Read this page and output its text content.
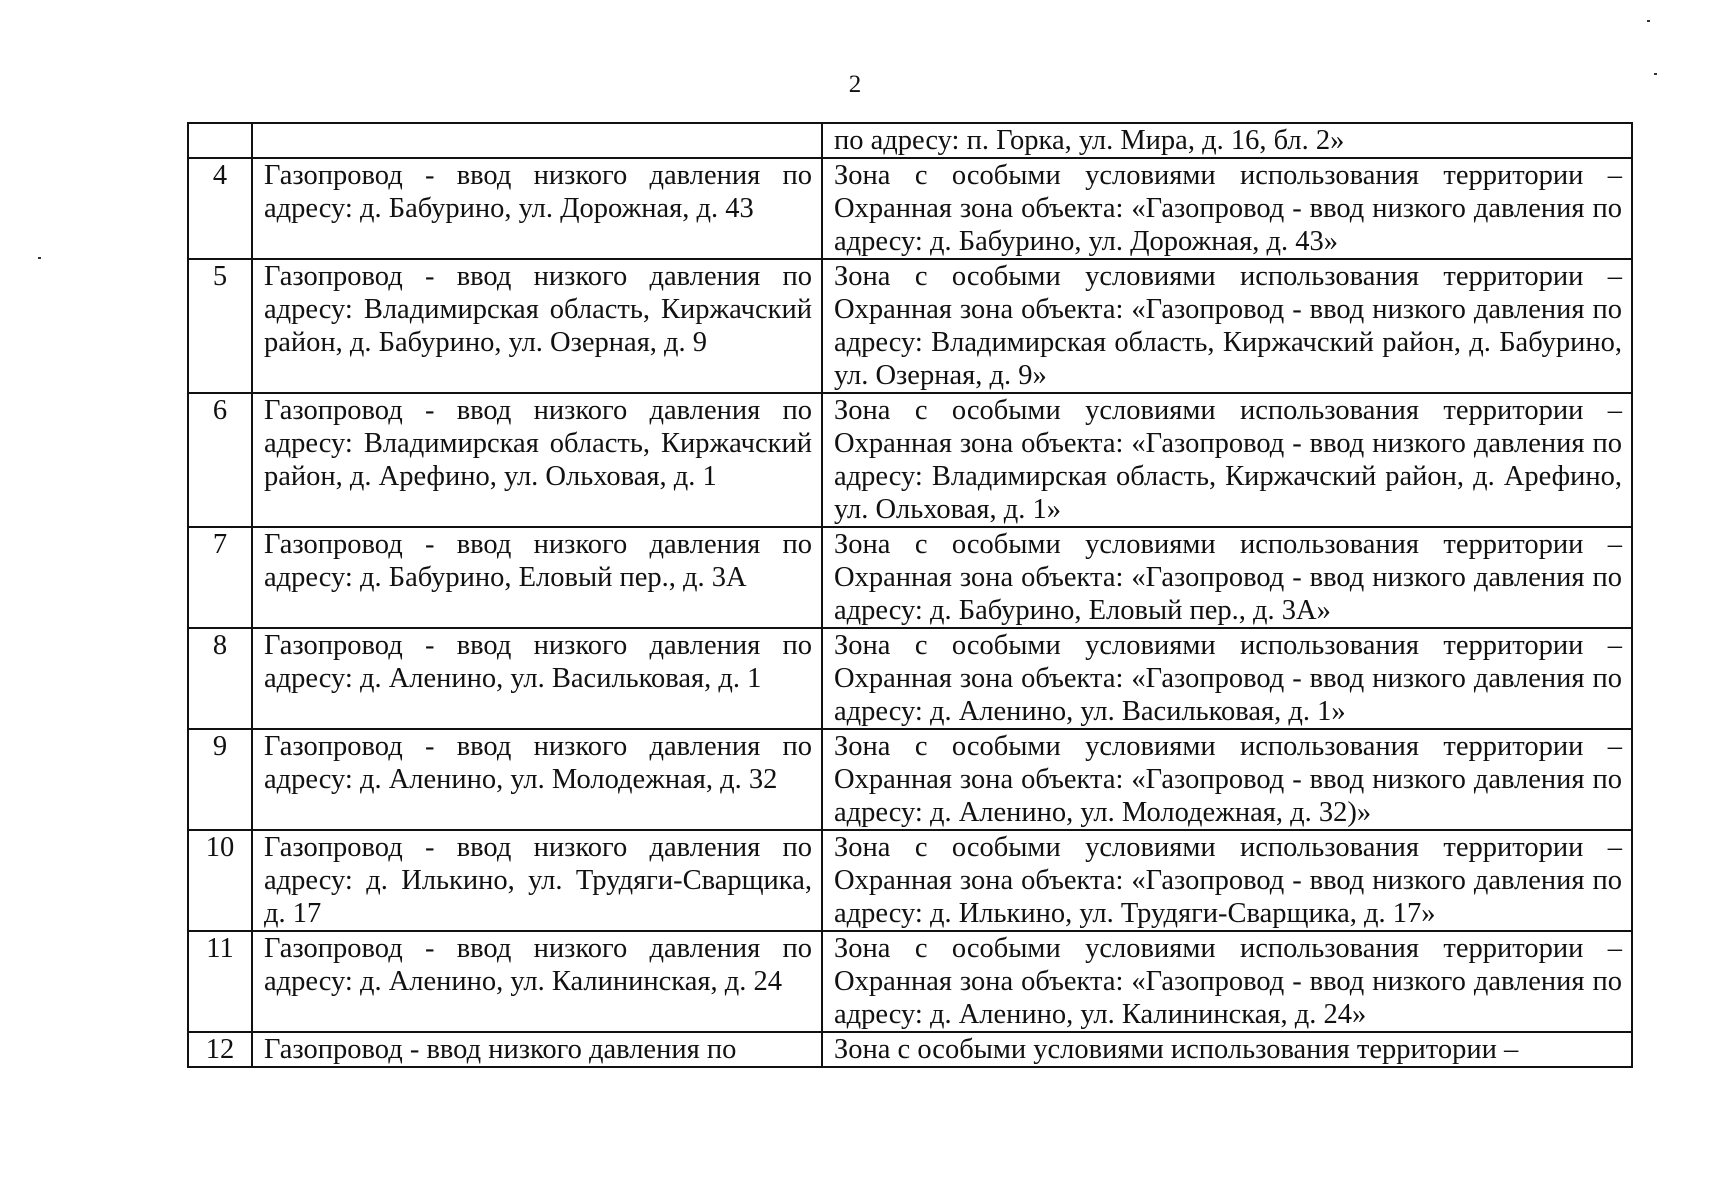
2
		по адресу: п. Горка, ул. Мира, д. 16, бл. 2»
4	Газопровод - ввод низкого давления по адресу: д. Бабурино, ул. Дорожная, д. 43	Зона с особыми условиями использования территории – Охранная зона объекта: «Газопровод - ввод низкого давления по адресу: д. Бабурино, ул. Дорожная, д. 43»
5	Газопровод - ввод низкого давления по адресу: Владимирская область, Киржачский район, д. Бабурино, ул. Озерная, д. 9	Зона с особыми условиями использования территории – Охранная зона объекта: «Газопровод - ввод низкого давления по адресу: Владимирская область, Киржачский район, д. Бабурино, ул. Озерная, д. 9»
6	Газопровод - ввод низкого давления по адресу: Владимирская область, Киржачский район, д. Арефино, ул. Ольховая, д. 1	Зона с особыми условиями использования территории – Охранная зона объекта: «Газопровод - ввод низкого давления по адресу: Владимирская область, Киржачский район, д. Арефино, ул. Ольховая, д. 1»
7	Газопровод - ввод низкого давления по адресу: д. Бабурино, Еловый пер., д. 3А	Зона с особыми условиями использования территории – Охранная зона объекта: «Газопровод - ввод низкого давления по адресу: д. Бабурино, Еловый пер., д. 3А»
8	Газопровод - ввод низкого давления по адресу: д. Аленино, ул. Васильковая, д. 1	Зона с особыми условиями использования территории – Охранная зона объекта: «Газопровод - ввод низкого давления по адресу: д. Аленино, ул. Васильковая, д. 1»
9	Газопровод - ввод низкого давления по адресу: д. Аленино, ул. Молодежная, д. 32	Зона с особыми условиями использования территории – Охранная зона объекта: «Газопровод - ввод низкого давления по адресу: д. Аленино, ул. Молодежная, д. 32)»
10	Газопровод - ввод низкого давления по адресу: д. Илькино, ул. Трудяги-Сварщика, д. 17	Зона с особыми условиями использования территории – Охранная зона объекта: «Газопровод - ввод низкого давления по адресу: д. Илькино, ул. Трудяги-Сварщика, д. 17»
11	Газопровод - ввод низкого давления по адресу: д. Аленино, ул. Калининская, д. 24	Зона с особыми условиями использования территории – Охранная зона объекта: «Газопровод - ввод низкого давления по адресу: д. Аленино, ул. Калининская, д. 24»
12	Газопровод - ввод низкого давления по	Зона с особыми условиями использования территории –
